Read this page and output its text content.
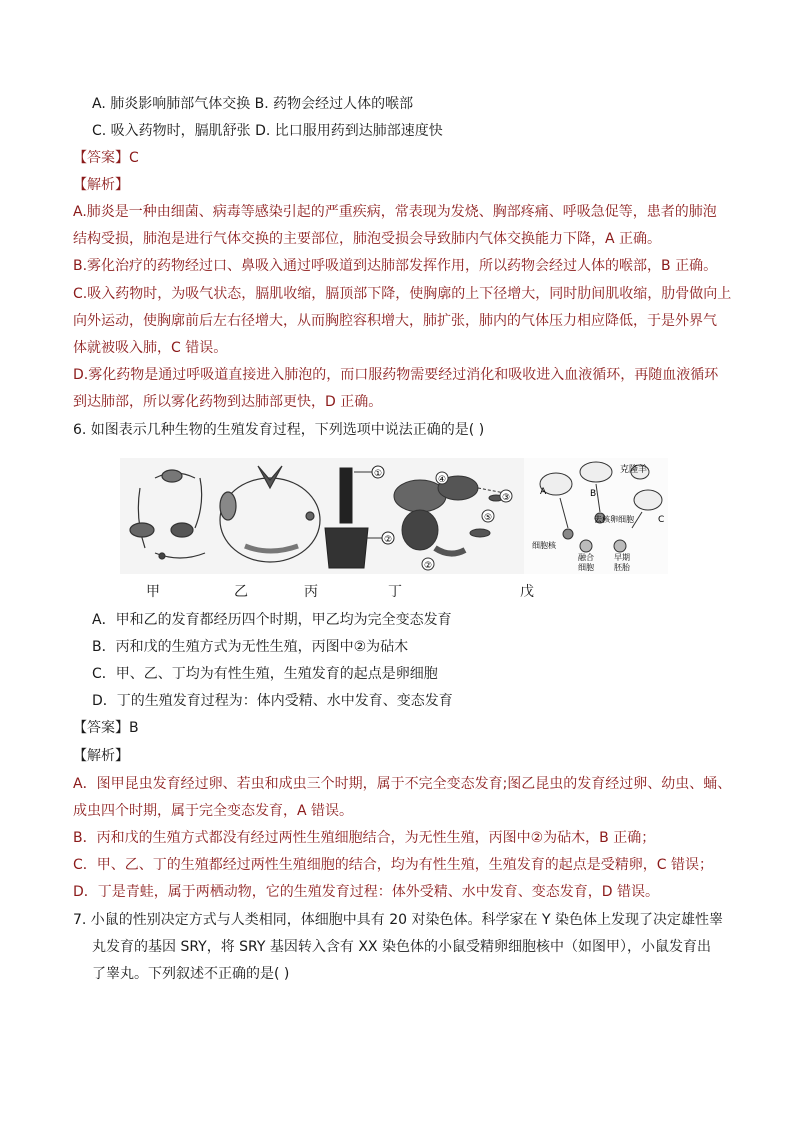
A. 肺炎影响肺部气体交换 B. 药物会经过人体的喉部
C. 吸入药物时，膈肌舒张 D. 比口服用药到达肺部速度快
【答案】C
【解析】
A.肺炎是一种由细菌、病毒等感染引起的严重疾病，常表现为发烧、胸部疼痛、呼吸急促等，患者的肺泡
结构受损，肺泡是进行气体交换的主要部位，肺泡受损会导致肺内气体交换能力下降，A 正确。
B.雾化治疗的药物经过口、鼻吸入通过呼吸道到达肺部发挥作用，所以药物会经过人体的喉部，B 正确。
C.吸入药物时，为吸气状态，膈肌收缩，膈顶部下降，使胸廓的上下径增大，同时肋间肌收缩，肋骨做向上
向外运动，使胸廓前后左右径增大，从而胸腔容积增大，肺扩张，肺内的气体压力相应降低，于是外界气
体就被吸入肺，C 错误。
D.雾化药物是通过呼吸道直接进入肺泡的，而口服药物需要经过消化和吸收进入血液循环，再随血液循环
到达肺部，所以雾化药物到达肺部更快，D 正确。
6. 如图表示几种生物的生殖发育过程，下列选项中说法正确的是( )
①
②
④
③
⑤
②
A	B
C
克隆羊
去核卵细胞
细胞核
融合
细胞
早期
胚胎
甲	乙	丙	丁	戊
A．甲和乙的发育都经历四个时期，甲乙均为完全变态发育
B．丙和戊的生殖方式为无性生殖，丙图中②为砧木
C．甲、乙、丁均为有性生殖，生殖发育的起点是卵细胞
D．丁的生殖发育过程为：体内受精、水中发育、变态发育
【答案】B
【解析】
A．图甲昆虫发育经过卵、若虫和成虫三个时期，属于不完全变态发育;图乙昆虫的发育经过卵、幼虫、蛹、
成虫四个时期，属于完全变态发育，A 错误。
B．丙和戊的生殖方式都没有经过两性生殖细胞结合，为无性生殖，丙图中②为砧木，B 正确；
C．甲、乙、丁的生殖都经过两性生殖细胞的结合，均为有性生殖，生殖发育的起点是受精卵，C 错误；
D．丁是青蛙，属于两栖动物，它的生殖发育过程：体外受精、水中发育、变态发育，D 错误。
7. 小鼠的性别决定方式与人类相同，体细胞中具有 20 对染色体。科学家在 Y 染色体上发现了决定雄性睾
丸发育的基因 SRY，将 SRY 基因转入含有 XX 染色体的小鼠受精卵细胞核中（如图甲），小鼠发育出
了睾丸。下列叙述不正确的是( )
